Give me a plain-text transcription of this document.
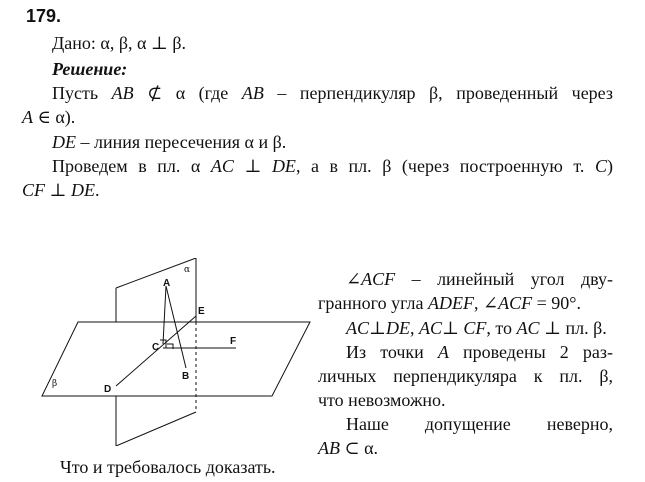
179.
Дано: α, β, α ⊥ β.
Решение:
Пусть AB ⊄ α (где AB – перпендикуляр β, проведенный через
A ∈ α).
DE – линия пересечения α и β.
Проведем в пл. α AC ⊥ DE, а в пл. β (через построенную т. C)
CF ⊥ DE.
A
B
C
D
E
F
α
β
∠ACF – линейный угол дву-
гранного угла ADEF, ∠ACF = 90°.
AC⊥DE, AC⊥ CF, то AC ⊥ пл. β.
Из точки A проведены 2 раз-
личных перпендикуляра к пл. β,
что невозможно.
Наше допущение неверно,
AB ⊂ α.
Что и требовалось доказать.
